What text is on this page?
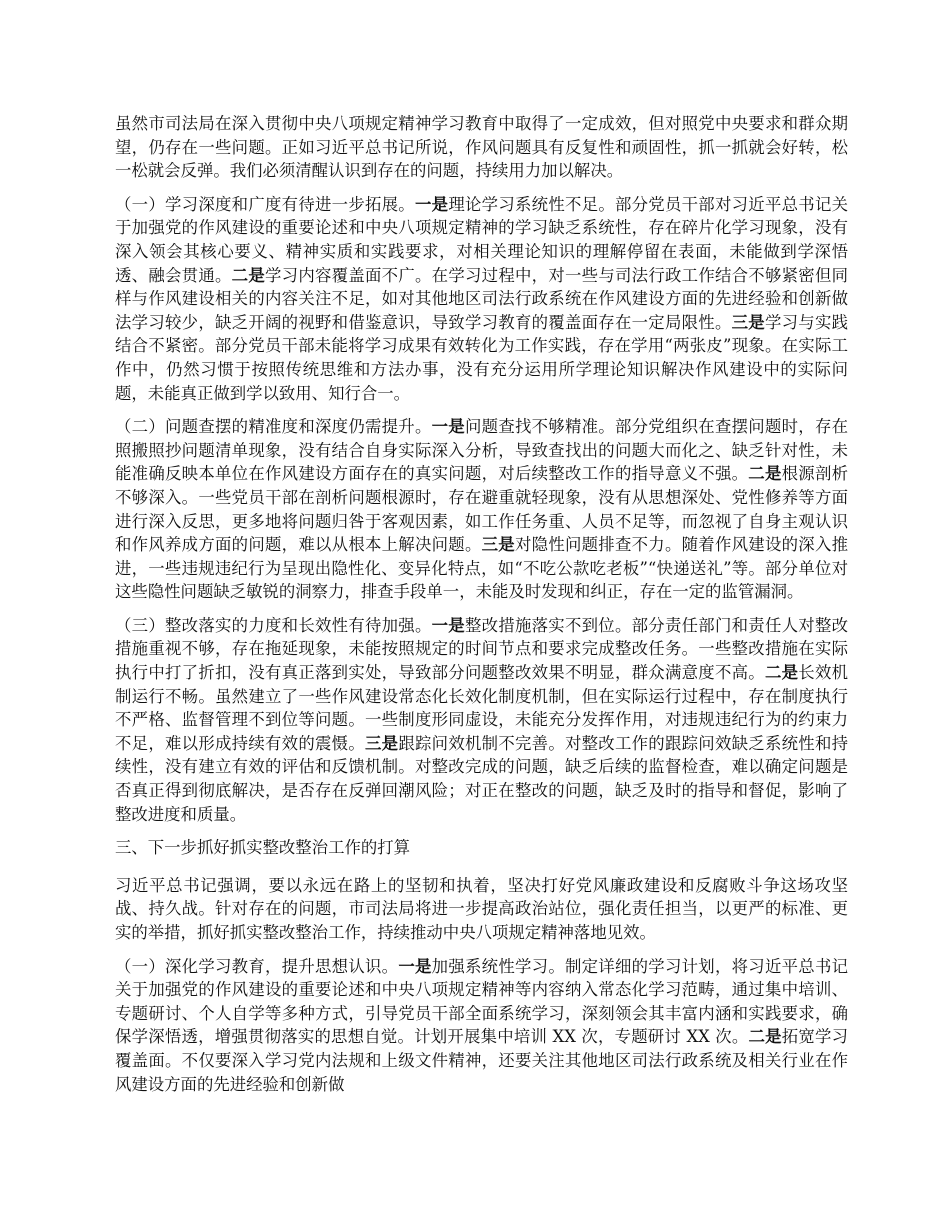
虽然市司法局在深入贯彻中央八项规定精神学习教育中取得了一定成效，但对照党中央要求和群众期望，仍存在一些问题。正如习近平总书记所说，作风问题具有反复性和顽固性，抓一抓就会好转，松一松就会反弹。我们必须清醒认识到存在的问题，持续用力加以解决。

（一）学习深度和广度有待进一步拓展。一是理论学习系统性不足。部分党员干部对习近平总书记关于加强党的作风建设的重要论述和中央八项规定精神的学习缺乏系统性，存在碎片化学习现象，没有深入领会其核心要义、精神实质和实践要求，对相关理论知识的理解停留在表面，未能做到学深悟透、融会贯通。二是学习内容覆盖面不广。在学习过程中，对一些与司法行政工作结合不够紧密但同样与作风建设相关的内容关注不足，如对其他地区司法行政系统在作风建设方面的先进经验和创新做法学习较少，缺乏开阔的视野和借鉴意识，导致学习教育的覆盖面存在一定局限性。三是学习与实践结合不紧密。部分党员干部未能将学习成果有效转化为工作实践，存在学用“两张皮”现象。在实际工作中，仍然习惯于按照传统思维和方法办事，没有充分运用所学理论知识解决作风建设中的实际问题，未能真正做到学以致用、知行合一。

（二）问题查摆的精准度和深度仍需提升。一是问题查找不够精准。部分党组织在查摆问题时，存在照搬照抄问题清单现象，没有结合自身实际深入分析，导致查找出的问题大而化之、缺乏针对性，未能准确反映本单位在作风建设方面存在的真实问题，对后续整改工作的指导意义不强。二是根源剖析不够深入。一些党员干部在剖析问题根源时，存在避重就轻现象，没有从思想深处、党性修养等方面进行深入反思，更多地将问题归咎于客观因素，如工作任务重、人员不足等，而忽视了自身主观认识和作风养成方面的问题，难以从根本上解决问题。三是对隐性问题排查不力。随着作风建设的深入推进，一些违规违纪行为呈现出隐性化、变异化特点，如“不吃公款吃老板”“快递送礼”等。部分单位对这些隐性问题缺乏敏锐的洞察力，排查手段单一，未能及时发现和纠正，存在一定的监管漏洞。

（三）整改落实的力度和长效性有待加强。一是整改措施落实不到位。部分责任部门和责任人对整改措施重视不够，存在拖延现象，未能按照规定的时间节点和要求完成整改任务。一些整改措施在实际执行中打了折扣，没有真正落到实处，导致部分问题整改效果不明显，群众满意度不高。二是长效机制运行不畅。虽然建立了一些作风建设常态化长效化制度机制，但在实际运行过程中，存在制度执行不严格、监督管理不到位等问题。一些制度形同虚设，未能充分发挥作用，对违规违纪行为的约束力不足，难以形成持续有效的震慑。三是跟踪问效机制不完善。对整改工作的跟踪问效缺乏系统性和持续性，没有建立有效的评估和反馈机制。对整改完成的问题，缺乏后续的监督检查，难以确定问题是否真正得到彻底解决，是否存在反弹回潮风险；对正在整改的问题，缺乏及时的指导和督促，影响了整改进度和质量。

三、下一步抓好抓实整改整治工作的打算

习近平总书记强调，要以永远在路上的坚韧和执着，坚决打好党风廉政建设和反腐败斗争这场攻坚战、持久战。针对存在的问题，市司法局将进一步提高政治站位，强化责任担当，以更严的标准、更实的举措，抓好抓实整改整治工作，持续推动中央八项规定精神落地见效。

（一）深化学习教育，提升思想认识。一是加强系统性学习。制定详细的学习计划，将习近平总书记关于加强党的作风建设的重要论述和中央八项规定精神等内容纳入常态化学习范畴，通过集中培训、专题研讨、个人自学等多种方式，引导党员干部全面系统学习，深刻领会其丰富内涵和实践要求，确保学深悟透，增强贯彻落实的思想自觉。计划开展集中培训 XX 次，专题研讨 XX 次。二是拓宽学习覆盖面。不仅要深入学习党内法规和上级文件精神，还要关注其他地区司法行政系统及相关行业在作风建设方面的先进经验和创新做
